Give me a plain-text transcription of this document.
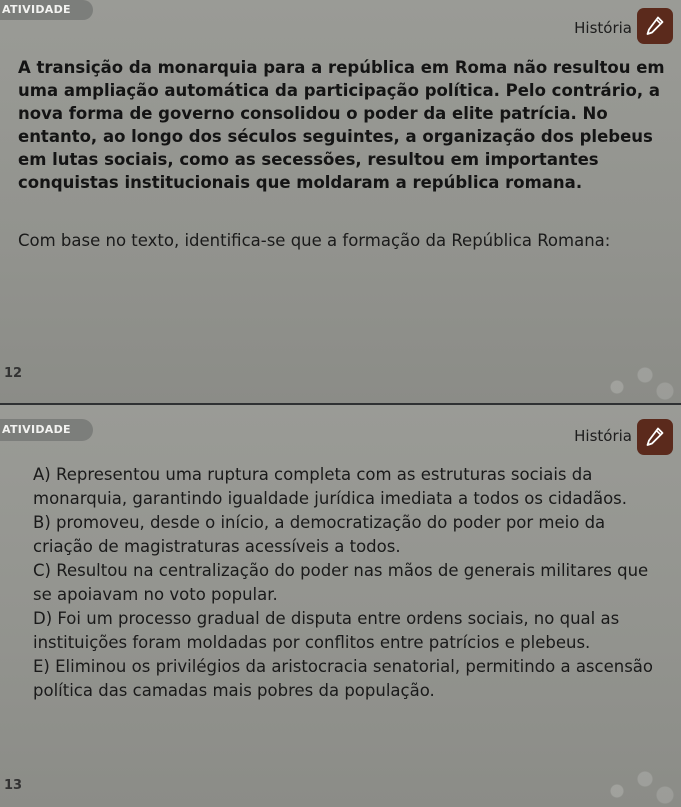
ATIVIDADE
História
A transição da monarquia para a república em Roma não resultou em uma ampliação automática da participação política. Pelo contrário, a nova forma de governo consolidou o poder da elite patrícia. No entanto, ao longo dos séculos seguintes, a organização dos plebeus em lutas sociais, como as secessões, resultou em importantes conquistas institucionais que moldaram a república romana.
Com base no texto, identifica-se que a formação da República Romana:
12
ATIVIDADE	História
A) Representou uma ruptura completa com as estruturas sociais da monarquia, garantindo igualdade jurídica imediata a todos os cidadãos.
B) promoveu, desde o início, a democratização do poder por meio da criação de magistraturas acessíveis a todos.
C) Resultou na centralização do poder nas mãos de generais militares que se apoiavam no voto popular.
D) Foi um processo gradual de disputa entre ordens sociais, no qual as instituições foram moldadas por conflitos entre patrícios e plebeus.
E) Eliminou os privilégios da aristocracia senatorial, permitindo a ascensão política das camadas mais pobres da população.
13
